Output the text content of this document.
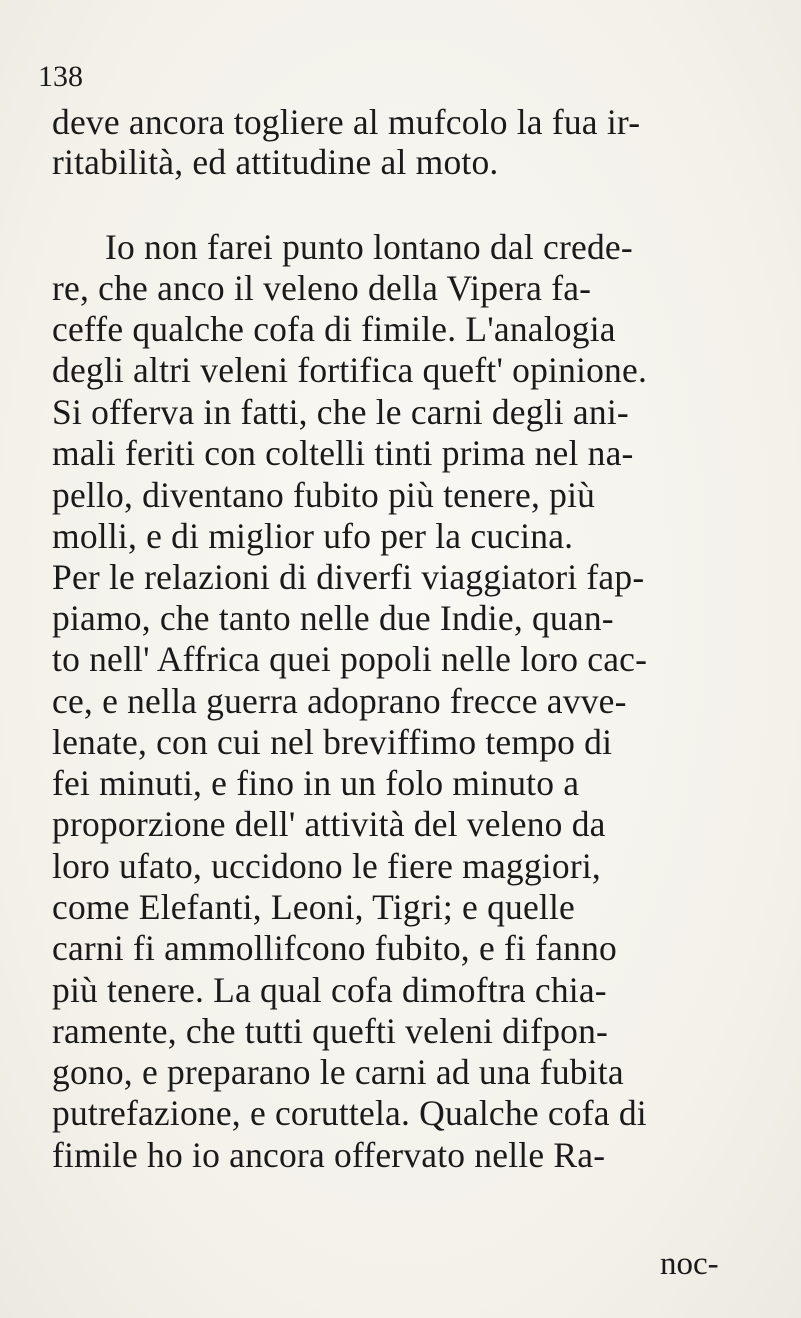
138
deve ancora togliere al mufcolo la fua ir-
ritabilità, ed attitudine al moto.
Io non farei punto lontano dal crede-
re, che anco il veleno della Vipera fa-
ceffe qualche cofa di fimile. L'analogia
degli altri veleni fortifica queft' opinione.
Si offerva in fatti, che le carni degli ani-
mali feriti con coltelli tinti prima nel na-
pello, diventano fubito più tenere, più
molli, e di miglior ufo per la cucina.
Per le relazioni di diverfi viaggiatori fap-
piamo, che tanto nelle due Indie, quan-
to nell' Affrica quei popoli nelle loro cac-
ce, e nella guerra adoprano frecce avve-
lenate, con cui nel breviffimo tempo di
fei minuti, e fino in un folo minuto a
proporzione dell' attività del veleno da
loro ufato, uccidono le fiere maggiori,
come Elefanti, Leoni, Tigri; e quelle
carni fi ammollifcono fubito, e fi fanno
più tenere. La qual cofa dimoftra chia-
ramente, che tutti quefti veleni difpon-
gono, e preparano le carni ad una fubita
putrefazione, e coruttela. Qualche cofa di
fimile ho io ancora offervato nelle Ra-
noc-
